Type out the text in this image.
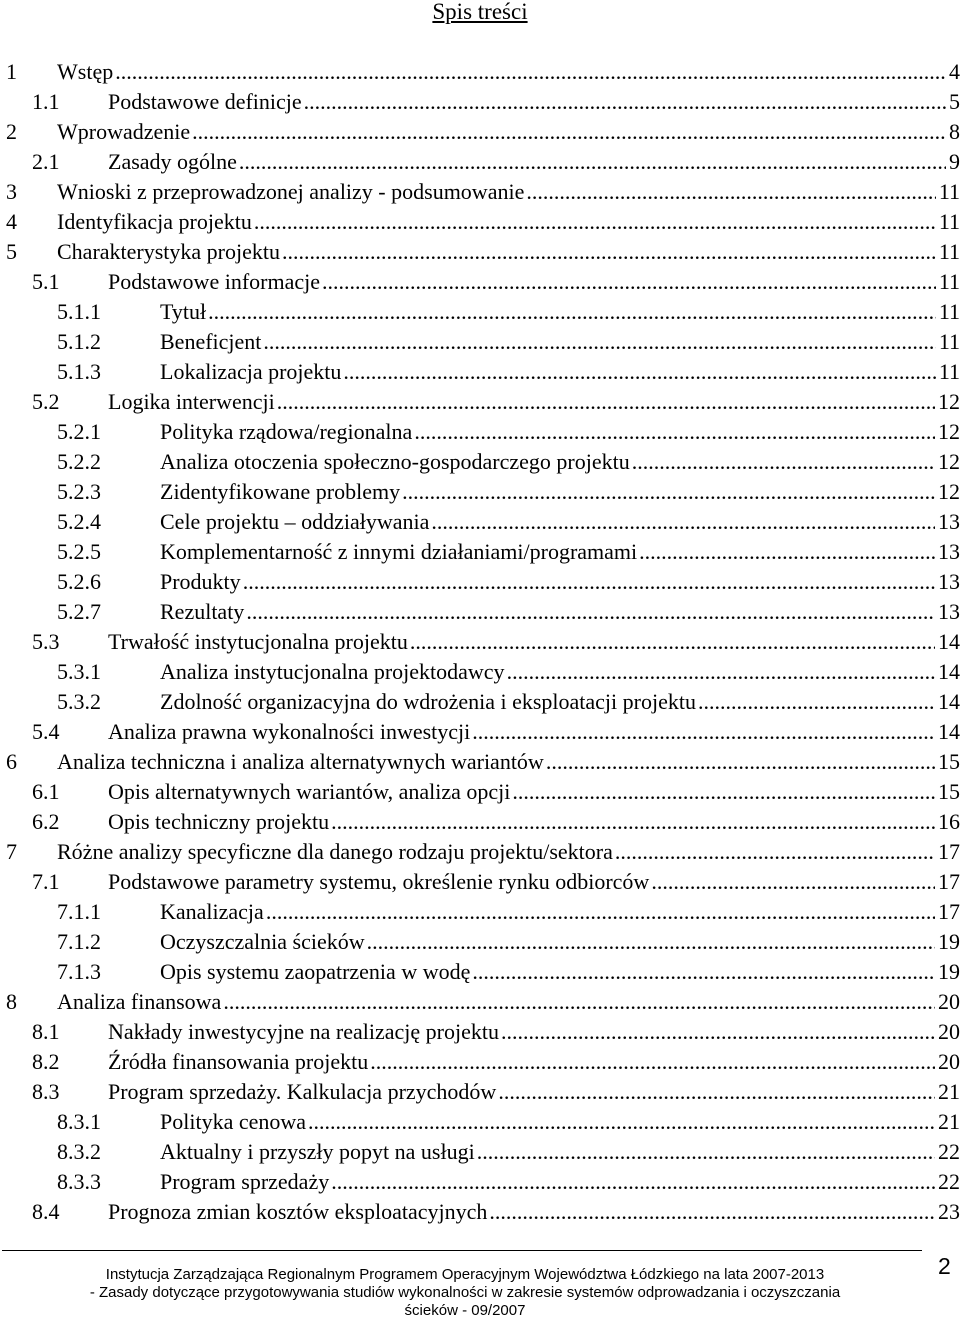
Spis treści
1 Wstęp .....	4
1.1 Podstawowe definicje .....	5
2 Wprowadzenie .....	8
2.1 Zasady ogólne .....	9
3 Wnioski z przeprowadzonej analizy - podsumowanie .....	11
4 Identyfikacja projektu .....	11
5 Charakterystyka projektu .....	11
5.1 Podstawowe informacje .....	11
5.1.1	Tytuł .....	11
5.1.2	Beneficjent .....	11
5.1.3	Lokalizacja projektu .....	11
5.2 Logika interwencji .....	12
5.2.1	Polityka rządowa/regionalna .....	12
5.2.2	Analiza otoczenia społeczno-gospodarczego projektu .....	12
5.2.3	Zidentyfikowane problemy .....	12
5.2.4	Cele projektu – oddziaływania .....	13
5.2.5	Komplementarność z innymi działaniami/programami .....	13
5.2.6	Produkty .....	13
5.2.7	Rezultaty .....	13
5.3 Trwałość instytucjonalna projektu .....	14
5.3.1	Analiza instytucjonalna projektodawcy .....	14
5.3.2	Zdolność organizacyjna do wdrożenia i eksploatacji projektu .....	14
5.4 Analiza prawna wykonalności inwestycji .....	14
6 Analiza techniczna i analiza alternatywnych wariantów .....	15
6.1 Opis alternatywnych wariantów, analiza opcji .....	15
6.2 Opis techniczny projektu .....	16
7 Różne analizy specyficzne dla danego rodzaju projektu/sektora .....	17
7.1 Podstawowe parametry systemu, określenie rynku odbiorców .....	17
7.1.1	Kanalizacja .....	17
7.1.2	Oczyszczalnia ścieków .....	19
7.1.3	Opis systemu zaopatrzenia w wodę .....	19
8 Analiza finansowa .....	20
8.1 Nakłady inwestycyjne na realizację projektu .....	20
8.2 Źródła finansowania projektu .....	20
8.3 Program sprzedaży. Kalkulacja przychodów .....	21
8.3.1	Polityka cenowa .....	21
8.3.2	Aktualny i przyszły popyt na usługi .....	22
8.3.3	Program sprzedaży .....	22
8.4 Prognoza zmian kosztów eksploatacyjnych .....	23
Instytucja Zarządzająca Regionalnym Programem Operacyjnym Województwa Łódzkiego na lata 2007-2013
- Zasady dotyczące przygotowywania studiów wykonalności w zakresie systemów odprowadzania i oczyszczania
ścieków - 09/2007
2
